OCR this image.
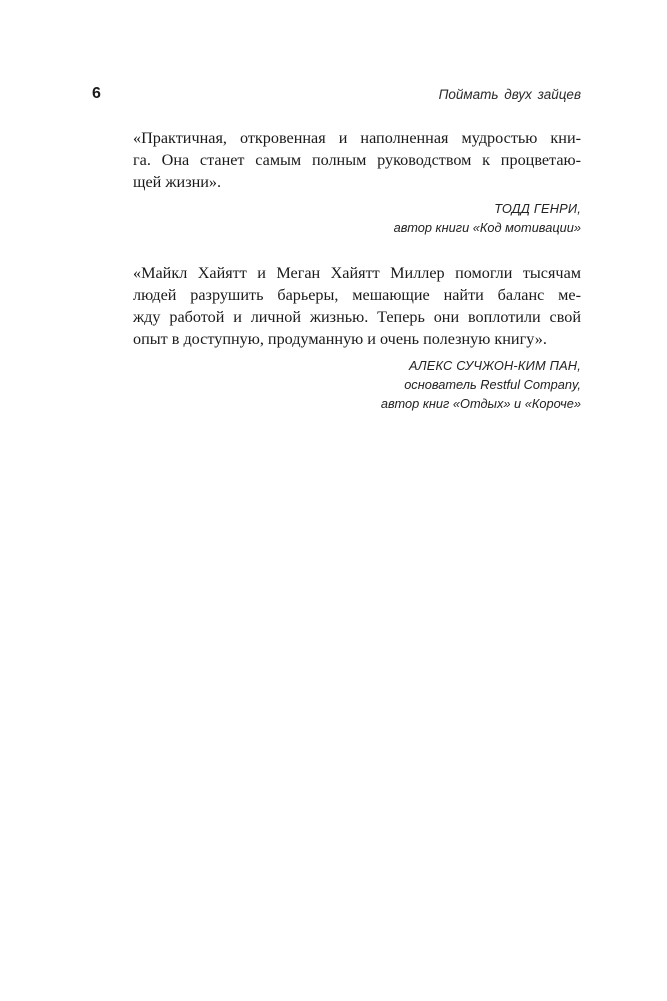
6	Поймать двух зайцев

«Практичная, откровенная и наполненная мудростью кни-
га. Она станет самым полным руководством к процветаю-
щей жизни».

ТОДД ГЕНРИ,
автор книги «Код мотивации»

«Майкл Хайятт и Меган Хайятт Миллер помогли тысячам
людей разрушить барьеры, мешающие найти баланс ме-
жду работой и личной жизнью. Теперь они воплотили свой
опыт в доступную, продуманную и очень полезную книгу».

АЛЕКС СУЧЖОН-КИМ ПАН,
основатель Restful Company,
автор книг «Отдых» и «Короче»
